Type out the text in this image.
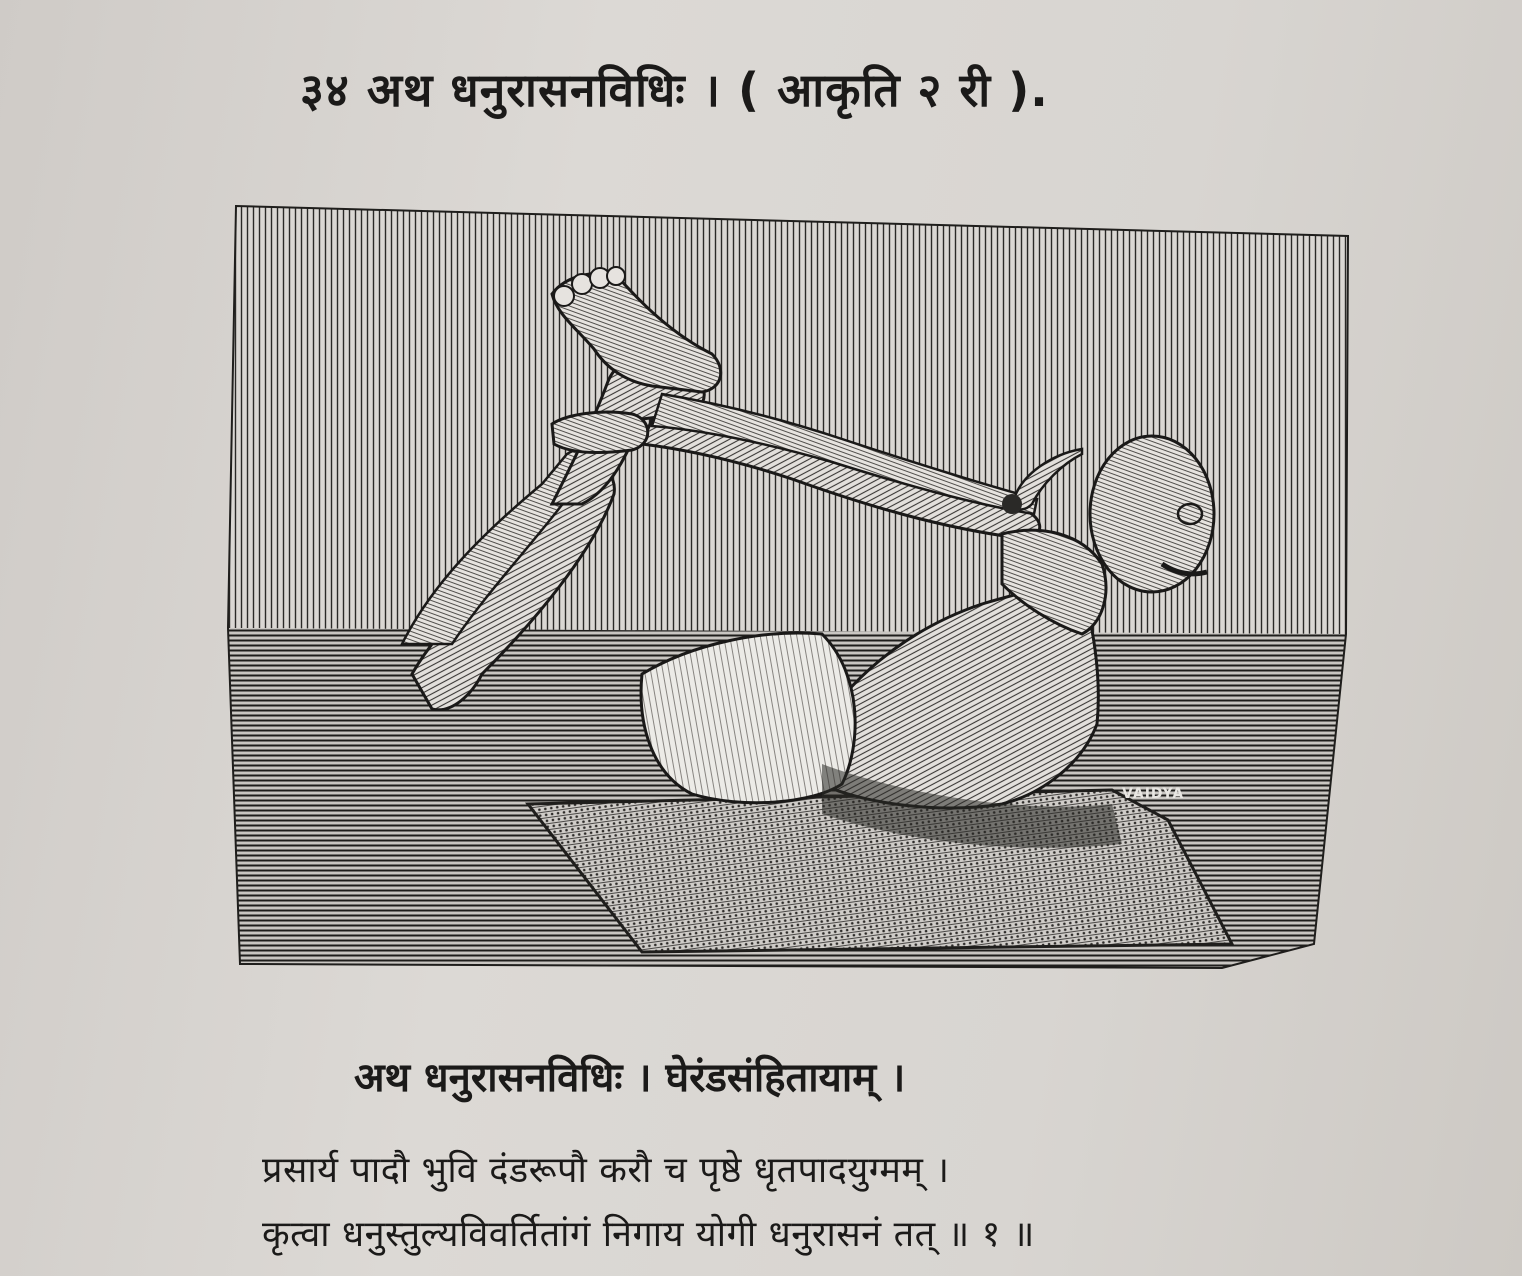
३४ अथ धनुरासनविधिः । ( आकृति २ री ).
VAIDYA
अथ धनुरासनविधिः । घेरंडसंहितायाम् ।
प्रसार्य पादौ भुवि दंडरूपौ करौ च पृष्ठे धृतपादयुग्मम् ।
कृत्वा धनुस्तुल्यविवर्तितांगं निगाय योगी धनुरासनं तत् ॥ १ ॥
